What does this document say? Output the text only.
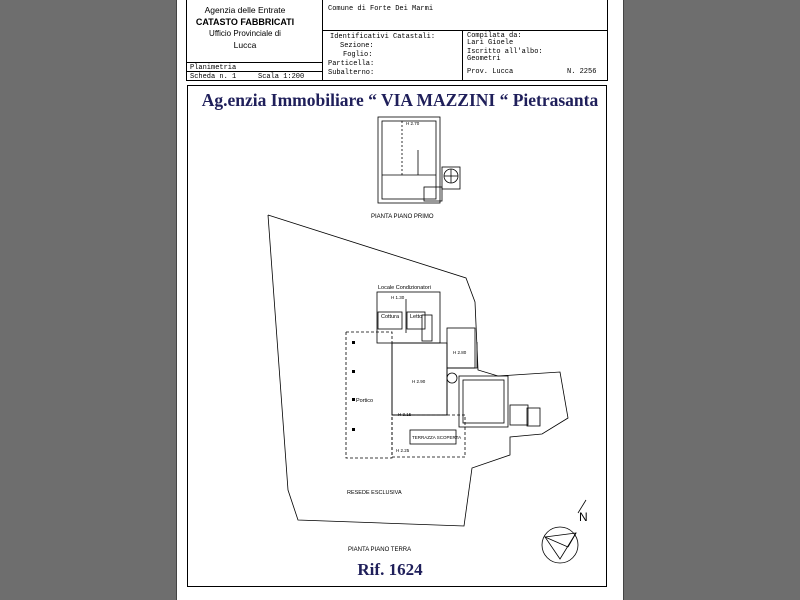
Agenzia delle Entrate
CATASTO FABBRICATI
Ufficio Provinciale di
Lucca
Comune di Forte Dei Marmi
Identificativi Catastali:
Sezione:
Foglio:
Particella:
Subalterno:
Compilata da:
Lari Gioele
Iscritto all'albo:
Geometri
Prov. Lucca	N. 2256
Planimetria
Scheda n. 1	Scala 1:200
Ag.enzia Immobiliare “ VIA MAZZINI “ Pietrasanta
PIANTA PIANO PRIMO
Locale Condizionatori
Cottura Letto
Portico
TERRAZZA SCOPERTA
RESEDE ESCLUSIVA
PIANTA PIANO TERRA
H 1.30
H 2.90
H 2.80
H 3.15
H 2.25
H 2.70
N
Rif. 1624
